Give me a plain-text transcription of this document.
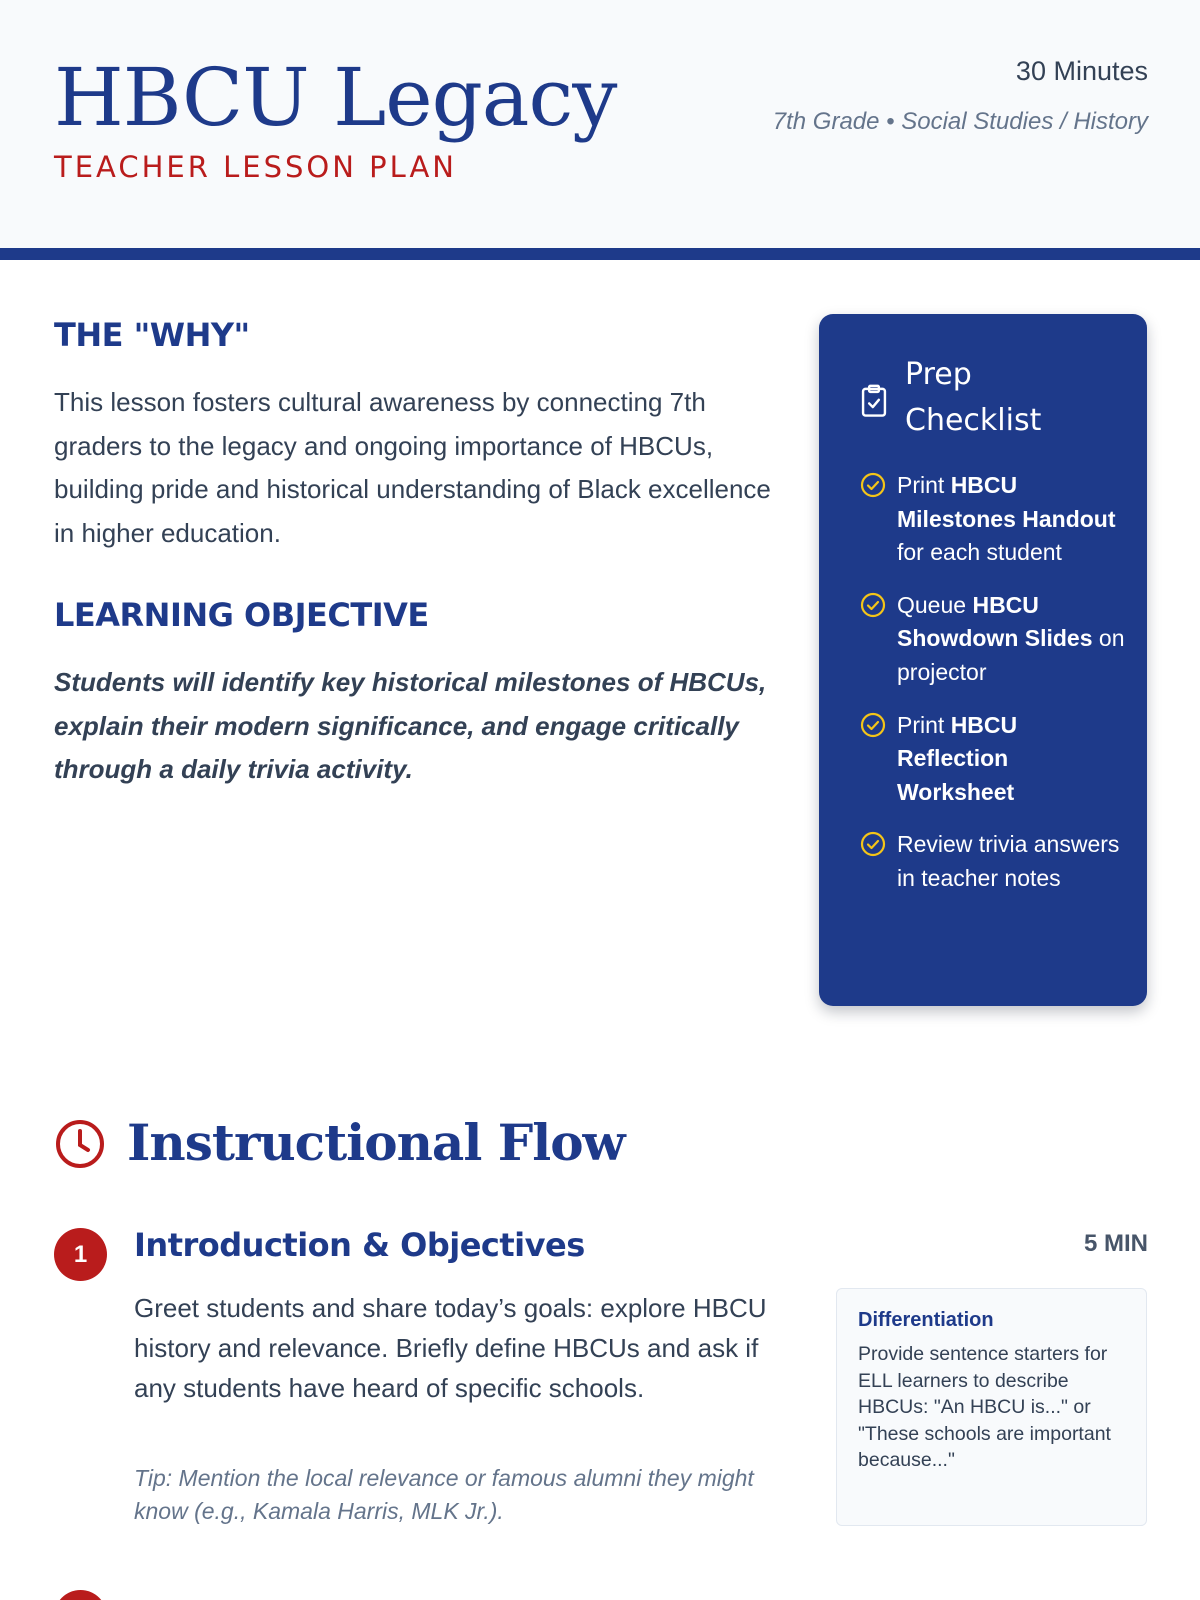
HBCU Legacy
TEACHER LESSON PLAN
30 Minutes
7th Grade • Social Studies / History
THE "WHY"

This lesson fosters cultural awareness by connecting 7th graders to the legacy and ongoing importance of HBCUs, building pride and historical understanding of Black excellence in higher education.

LEARNING OBJECTIVE

Students will identify key historical milestones of HBCUs, explain their modern significance, and engage critically through a daily trivia activity.

Prep Checklist
Print HBCU Milestones Handout for each student
Queue HBCU Showdown Slides on projector
Print HBCU Reflection Worksheet
Review trivia answers in teacher notes
Instructional Flow
1	Introduction & Objectives	5 MIN

Greet students and share today’s goals: explore HBCU history and relevance. Briefly define HBCUs and ask if any students have heard of specific schools.

Tip: Mention the local relevance or famous alumni they might know (e.g., Kamala Harris, MLK Jr.).

Differentiation

Provide sentence starters for ELL learners to describe HBCUs: "An HBCU is..." or "These schools are important because..."
